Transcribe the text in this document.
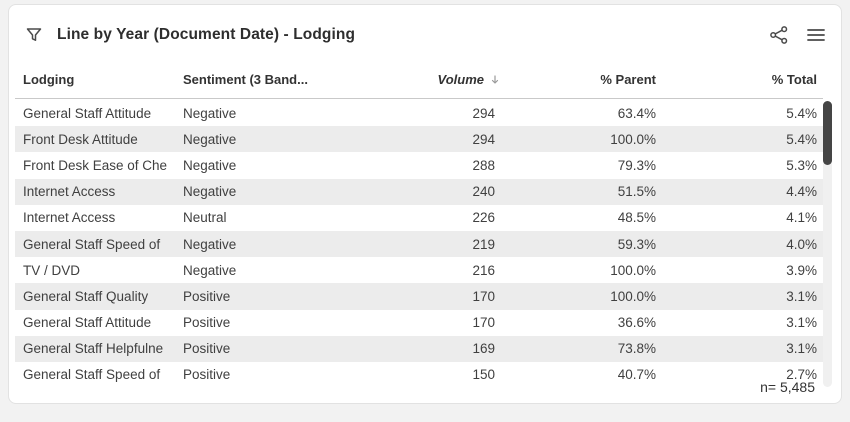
Line by Year (Document Date) - Lodging
Lodging	Sentiment (3 Band...	Volume	% Parent	% Total
General Staff Attitude	Negative	294	63.4%	5.4%
Front Desk Attitude	Negative	294	100.0%	5.4%
Front Desk Ease of Che	Negative	288	79.3%	5.3%
Internet Access	Negative	240	51.5%	4.4%
Internet Access	Neutral	226	48.5%	4.1%
General Staff Speed of	Negative	219	59.3%	4.0%
TV / DVD	Negative	216	100.0%	3.9%
General Staff Quality	Positive	170	100.0%	3.1%
General Staff Attitude	Positive	170	36.6%	3.1%
General Staff Helpfulne	Positive	169	73.8%	3.1%
General Staff Speed of	Positive	150	40.7%	2.7%
n= 5,485
